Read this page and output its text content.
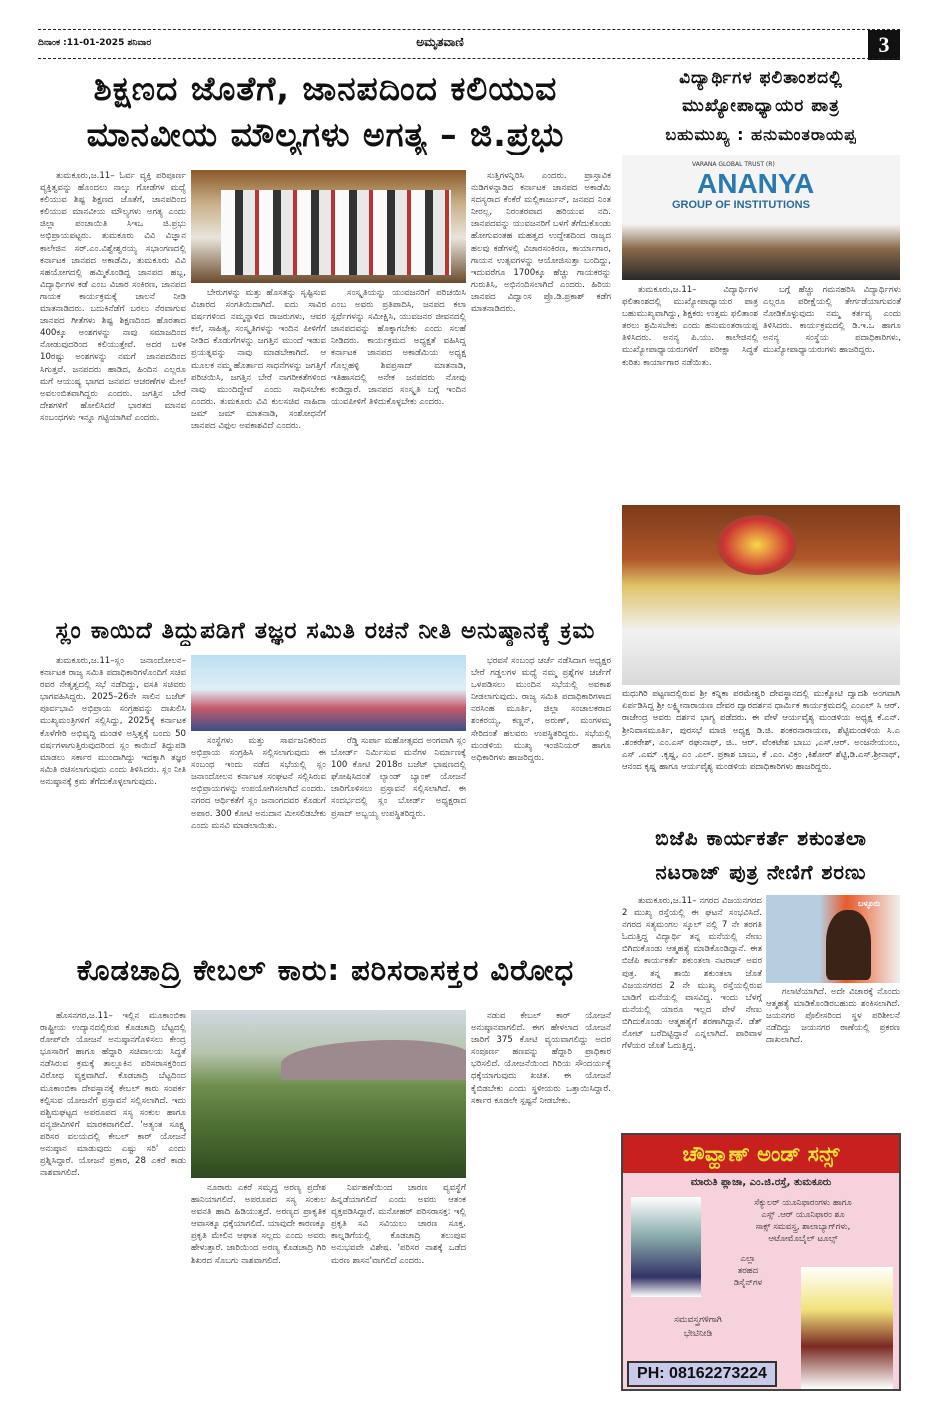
ದಿನಾಂಕ :11-01-2025 ಶನಿವಾರ	ಅಮೃತವಾಣಿ	3
ಶಿಕ್ಷಣದ ಜೊತೆಗೆ, ಜಾನಪದಿಂದ ಕಲಿಯುವ
ಮಾನವೀಯ ಮೌಲ್ಯಗಳು ಅಗತ್ಯ – ಜಿ.ಪ್ರಭು

ತುಮಕೂರು,ಜ.11– ಓರ್ವ ವ್ಯಕ್ತಿ ಪರಿಪೂರ್ಣ ವ್ಯಕ್ತಿತ್ವವನ್ನು ಹೊಂದಲು ನಾಲ್ಕು ಗೋಡೆಗಳ ಮಧ್ಯೆ ಕಲಿಯುವ ಶಿಷ್ಟ ಶಿಕ್ಷಣದ ಜೊತೆಗೆ, ಜಾನಪದಿಂದ ಕಲಿಯುವ ಮಾನವೀಯ ಮೌಲ್ಯಗಳು ಅಗತ್ಯ ಎಂದು ಜಿಲ್ಲಾ ಪಂಚಾಯಿತಿ ಸಿಇಒ ಜಿ.ಪ್ರಭು ಅಭಿಪ್ರಾಯಪಟ್ಟರು. ತುಮಕೂರು ವಿವಿ ವಿಜ್ಞಾನ ಕಾಲೇಜಿನ ಸರ್.ಎಂ.ವಿಶ್ವೇಶ್ವರಯ್ಯ ಸಭಾಂಗಣದಲ್ಲಿ ಕರ್ನಾಟಕ ಜಾನಪದ ಅಕಾಡೆಮಿ, ತುಮಕೂರು ವಿವಿ ಸಹಯೋಗದಲ್ಲಿ ಹಮ್ಮಿಕೊಂಡಿದ್ದ ಜಾನಪದ ಹಬ್ಬ, ವಿದ್ಯಾರ್ಥಿಗಳ ಕಡೆ ಎಂಬ ವಿಚಾರ ಸಂಕಿರಣ, ಜಾನಪದ ಗಾಯಕ ಕಾರ್ಯಕ್ರಮಕ್ಕೆ ಚಾಲನೆ ನೀಡಿ ಮಾತನಾಡಿದರು. ಬದುಕಿನೆಡೆಗೆ ಬರಲು ನೆರವಾಗುವ ಜಾನಪದ ಗೀತೆಗಳು ಶಿಷ್ಟ ಶಿಕ್ಷಣದಿಂದ ಹೊರತಾದ 400ಕ್ಕೂ ಅಂಶಗಳನ್ನು ನಾವು ಸಮಾಜದಿಂದ ನೋಡುವುದರಿಂದ ಕಲಿಯುತ್ತೇವೆ. ಅದರ ಬಳಿಕ 10ರಷ್ಟು ಅಂಶಗಳನ್ನು ನಮಗೆ ಜಾನಪದದಿಂದ ಸಿಗುತ್ತವೆ. ಜನಪದರು ಹಾಡಿದ, ಹಿಂದಿನ ಎಲ್ಲರೂ ಮಗೆ ಆಯುಷ್ಯ ಭಾಗದ ಜನಪದ ಆಚರಣೆಗಳ ಮೇಲೆ ಅವಲಂಬಿತವಾಗಿದ್ದರು ಎಂದರು. ಜಗತ್ತಿನ ಬೇರೆ ದೇಶಗಳಿಗೆ ಹೋಲಿಸಿದರೆ ಭಾರತದ ಮಾನವ ಸಂಬಂಧಗಳು ಇನ್ನೂ ಗಟ್ಟಿಯಾಗಿವೆ ಎಂದರು.

ಬೇರುಗಳನ್ನು ಮತ್ತು ಹೊಸತನ್ನು ಸೃಷ್ಟಿಸುವ ವಿಚಾರದ ಸಂಗತಿಯಿದಾಗಿದೆ. ಐದು ಸಾವಿರ ವರ್ಷಗಳಿಂದ ನಮ್ಮನ್ನಾಳಿದ ರಾಜರುಗಳು, ಆವರ ಕಲೆ, ಸಾಹಿತ್ಯ, ಸಂಸ್ಕೃತಿಗಳನ್ನು ಇಂದಿನ ಪೀಳಿಗೆಗೆ ನೀಡಿದ ಕೊಡುಗೆಗಳನ್ನು ಜಗತ್ತಿನ ಮುಂದೆ ಇಡುವ ಪ್ರಯತ್ನವನ್ನು ನಾವು ಮಾಡಬೇಕಾಗಿದೆ. ಆ ಮೂಲಕ ನಮ್ಮ ಹೊರ್ತಾದ ಸಾಧನೆಗಳನ್ನು ಜಗತ್ತಿಗೆ ಪರಿಚಯಿಸಿ, ಜಗತ್ತಿನ ಬೇರೆ ನಾಗರೀಕತೆಗಳಿಂದ ನಾವು ಮುಂದಿದ್ದೇವೆ ಎಂದು ಸಾಧಿಸಬೇಕು ಎಂದರು. ತುಮಕೂರು ವಿವಿ ಕುಲಸಚಿವ ನಾಹಿದಾ ಜಮ್‌ ಜಮ್‌ ಮಾತನಾಡಿ, ಸಂಶೋಧನೆಗೆ ಜಾನಪದ ವಿಫುಲ ಅವಕಾಶವಿದೆ ಎಂದರು.

ಸಂಸ್ಕೃತಿಯನ್ನು ಯುವಜನರಿಗೆ ಪರಿಚಯಿಸಿ ಎಂಬ ಅವರು ಪ್ರತಿಪಾದಿಸಿ, ಜನಪದ ಕಲಾ ಸ್ಪರ್ಧೆಗಳನ್ನು ಸಮೀಕ್ಷಿಸಿ, ಯುವಜನರ ಜೀವನದಲ್ಲಿ ಜಾನಪದವನ್ನು ಹೊಕ್ಕಾಗಬೇಕು ಎಂದು ಸಲಹೆ ನೀಡಿದರು. ಕಾರ್ಯಕ್ರಮದ ಅಧ್ಯಕ್ಷತೆ ವಹಿಸಿದ್ದ ಕರ್ನಾಟಕ ಜಾನಪದ ಅಕಾಡೆಮಿಯ ಅಧ್ಯಕ್ಷ ಗೊಲ್ಲಹಳ್ಳಿ ಶಿವಪ್ರಸಾದ್ ಮಾತನಾಡಿ, ಇತಿಹಾಸದಲ್ಲಿ ಅನೇಕ ಜನಪದರು ನೋವು ಕಂಡಿದ್ದಾರೆ. ಜಾನಪದ ಸಂಸ್ಕೃತಿ ಬಗ್ಗೆ ಇಂದಿನ ಯುವಪೀಳಿಗೆ ತಿಳಿದುಕೊಳ್ಳಬೇಕು ಎಂದರು.

ಸುತ್ತಿಗಳನ್ನಿರಿಸಿ ಎಂದರು. ಪ್ರಾಸ್ತಾವಿಕ ನುಡಿಗಳನ್ನಾಡಿದ ಕರ್ನಾಟಕ ಜಾನಪದ ಅಕಾಡೆಮಿ ಸದಸ್ಯರಾದ ಕೆಂಕೆರೆ ಮಲ್ಲಿಕಾರ್ಜುನ್, ಜನಪದ ನಿಂತ ನೀರಲ್ಲ, ನಿರಂತರವಾದ ಹರಿಯುವ ನದಿ. ಜಾನಪದವನ್ನು ಯುವಜನರಿಗೆ ಬಳಗೆ ತೆಗೆದುಕೊಂಡು ಹೋಗುವಂತಹ ಮಹತ್ವದ ಉದ್ದೇಶದಿಂದ ರಾಜ್ಯದ ಹಲವು ಕಡೆಗಳಲ್ಲಿ ವಿಚಾರಸಂಕಿರಣ, ಕಾರ್ಯಾಗಾರ, ಗಾಯನ ಉತ್ಸವಗಳನ್ನು ಆಯೋಜಿಸುತ್ತಾ ಬಂದಿದ್ದು, ಇದುವರೆಗೂ 1700ಕ್ಕೂ ಹೆಚ್ಚು ಗಾಯಕರನ್ನು ಗುರುತಿಸಿ, ಅಭಿನಂದಿಸಲಾಗಿದೆ ಎಂದರು. ಹಿರಿಯ ಜಾನಪದ ವಿದ್ವಾಂಸ ಪ್ರೊ.ಡಿ.ಪ್ರಕಾಶ್ ಕಡೆಗ ಮಾತನಾಡಿದರು.

ಸ್ಲಂ ಕಾಯಿದೆ ತಿದ್ದುಪಡಿಗೆ ತಜ್ಞರ ಸಮಿತಿ ರಚನೆ ನೀತಿ ಅನುಷ್ಠಾನಕ್ಕೆ ಕ್ರಮ

ತುಮಕೂರು,ಜ.11–ಸ್ಲಂ ಜನಾಂದೋಲನ–ಕರ್ನಾಟಕ ರಾಜ್ಯ ಸಮಿತಿ ಪದಾಧಿಕಾರಿಗಳೊಂದಿಗೆ ಸಚಿವ ರವರ ನೇತೃತ್ವದಲ್ಲಿ ಸಭೆ ನಡೆದಿದ್ದು, ವಸತಿ ಸಚಿವರು ಭಾಗವಹಿಸಿದ್ದರು. 2025–26ನೇ ಸಾಲಿನ ಬಜೆಟ್ ಪೂರ್ವಭಾವಿ ಅಭಿಪ್ರಾಯ ಸಂಗ್ರಹವನ್ನು ದಾಖಲಿಸಿ ಮುಖ್ಯಮಂತ್ರಿಗಳಿಗೆ ಸಲ್ಲಿಸಿದ್ದು, 2025ಕ್ಕೆ ಕರ್ನಾಟಕ ಕೊಳೆಗೇರಿ ಅಭಿವೃದ್ಧಿ ಮಂಡಳಿ ಅಸ್ತಿತ್ವಕ್ಕೆ ಬಂದು 50 ವರ್ಷಗಳಾಗುತ್ತಿರುವುದರಿಂದ ಸ್ಲಂ ಕಾಯಿದೆ ತಿದ್ದುಪಡಿ ಮಾಡಲು ಸರ್ಕಾರ ಮುಂದಾಗಿದ್ದು ಇದಕ್ಕಾಗಿ ತಜ್ಞರ ಸಮಿತಿ ರಚಿಸಲಾಗುವುದು ಎಂದು ತಿಳಿಸಿದರು. ಸ್ಲಂ ನೀತಿ ಅನುಷ್ಠಾನಕ್ಕೆ ಕ್ರಮ ತೆಗೆದುಕೊಳ್ಳಲಾಗುವುದು.

ಸಂಸ್ಥೆಗಳು ಮತ್ತು ಸಾರ್ವಜನಿಕರಿಂದ ಅಭಿಪ್ರಾಯ ಸಂಗ್ರಹಿಸಿ ಸಲ್ಲಿಸಲಾಗುವುದು ಈ ಸಂಬಂಧ ಇಂದು ನಡೆದ ಸಭೆಯಲ್ಲಿ ಸ್ಲಂ ಜನಾಂದೋಲನ ಕರ್ನಾಟಕ ಸಂಘಟನೆ ಸಲ್ಲಿಸಿರುವ ಅಭಿಪ್ರಾಯಗಳನ್ನು ಉಪಯೋಗಿಸಲಾಗಿದೆ ಎಂದರು. ನಗರದ ಆರ್ಥಿಕತೆಗೆ ಸ್ಲಂ ಜನಾಂಗದವರ ಕೊಡುಗೆ ಅಪಾರ. 300 ಕೋಟಿ ಅನುದಾನ ಮೀಸಲಿಡಬೇಕು ಎಂದು ಮನವಿ ಮಾಡಲಾಯಿತು.

ರೆಡ್ಡಿ ಸುರ್ಪಾ ಮಹೋತ್ಸವದ ಅಂಗವಾಗಿ ಸ್ಲಂ ಬೋರ್ಡ್ ನಿರ್ಮಿಸುವ ಮನೆಗಳ ನಿರ್ಮಾಣಕ್ಕೆ 100 ಕೋಟಿ 2018ರ ಬಜೆಟ್ ಭಾಷಣದಲ್ಲಿ ಘೋಷಿಸಿದಂತೆ ಲ್ಯಾಂಡ್ ಬ್ಯಾಂಕ್ ಯೋಜನೆ ಜಾರಿಗೊಳಿಸಲು ಪ್ರಸ್ತಾವನೆ ಸಲ್ಲಿಸಲಾಗಿದೆ. ಈ ಸಂದರ್ಭದಲ್ಲಿ ಸ್ಲಂ ಬೋರ್ಡ್ ಅಧ್ಯಕ್ಷರಾದ ಪ್ರಸಾದ್ ಅಬ್ಬಯ್ಯ ಉಪಸ್ಥಿತರಿದ್ದರು.

ಭರವಸೆ ಸಂಬಂಧ ಚರ್ಚೆ ನಡೆಸಿದಾಗ ಅಧ್ಯಕ್ಷರ ಬೇರೆ ಗಡ್ಡಲಗಳ ಮಧ್ಯೆ ನಮ್ಮ ಪ್ರಶ್ನೆಗಳ ಚರ್ಚೆಗೆ ಒಳಪಡಿಸಲು ಮುಂದಿನ ಸಭೆಯಲ್ಲಿ ಅವಕಾಶ ನೀಡಲಾಗುವುದು. ರಾಜ್ಯ ಸಮಿತಿ ಪದಾಧಿಕಾರಿಗಳಾದ ನರಸಿಂಹ ಮೂರ್ತಿ, ಜಿಲ್ಲಾ ಸಂಚಾಲಕರಾದ ಶಂಕರಯ್ಯ, ಕಣ್ಣನ್, ಅರುಣ್, ಮಂಗಳಮ್ಮ ಸೇರಿದಂತೆ ಹಲವರು ಉಪಸ್ಥಿತರಿದ್ದರು. ಸಭೆಯಲ್ಲಿ ಮಂಡಳಿಯ ಮುಖ್ಯ ಇಂಜಿನಿಯರ್ ಹಾಗೂ ಅಧಿಕಾರಿಗಳು ಹಾಜರಿದ್ದರು.

ಕೊಡಚಾದ್ರಿ ಕೇಬಲ್ ಕಾರು: ಪರಿಸರಾಸಕ್ತರ ವಿರೋಧ

ಹೊಸನಗರ,ಜ.11– ಇಲ್ಲಿನ ಮೂಕಾಂಬಿಕಾ ರಾಷ್ಟ್ರೀಯ ಉದ್ಯಾನದಲ್ಲಿರುವ ಕೊಡಚಾದ್ರಿ ಬೆಟ್ಟದಲ್ಲಿ ರೋಪ್‌ವೇ ಯೋಜನೆ ಅನುಷ್ಠಾನಗೊಳಿಸಲು ಕೇಂದ್ರ ಭೂಸಾರಿಗೆ ಹಾಗೂ ಹೆದ್ದಾರಿ ಸಚಿವಾಲಯ ಸಿದ್ಧತೆ ನಡೆಸಿರುವ ಕ್ರಮಕ್ಕೆ ತಾಲ್ಲೂಕಿನ ಪರಿಸರಾಸಕ್ತರಿಂದ ವಿರೋಧ ವ್ಯಕ್ತವಾಗಿದೆ. ಕೊಡಚಾದ್ರಿ ಬೆಟ್ಟದಿಂದ ಮೂಕಾಂಬಿಕಾ ದೇವಸ್ಥಾನಕ್ಕೆ ಕೇಬಲ್ ಕಾರು ಸಂಪರ್ಕ ಕಲ್ಪಿಸುವ ಯೋಜನೆಗೆ ಪ್ರಸ್ತಾವನೆ ಸಲ್ಲಿಸಲಾಗಿದೆ. ಇದು ಪಶ್ಚಿಮಘಟ್ಟದ ಅಪರೂಪದ ಸಸ್ಯ ಸಂಕುಲ ಹಾಗೂ ವನ್ಯಜೀವಿಗಳಿಗೆ ಮಾರಕವಾಗಲಿದೆ. 'ಅತ್ಯಂತ ಸೂಕ್ಷ್ಮ ಪರಿಸರ ವಲಯದಲ್ಲಿ ಕೇಬಲ್ ಕಾರ್ ಯೋಜನೆ ಅನುಷ್ಠಾನ ಮಾಡುವುದು ಎಷ್ಟು ಸರಿ' ಎಂದು ಪ್ರಶ್ನಿಸಿದ್ದಾರೆ. ಯೋಜನೆ ಪ್ರಕಾರ, 28 ಎಕರೆ ಕಾಡು ನಾಶವಾಗಲಿದೆ.

ನೂರಾರು ಎಕರೆ ಸಮೃದ್ಧ ಅರಣ್ಯ ಪ್ರದೇಶ ಹಾನಿಯಾಗಲಿದೆ. ಅಪರೂಪದ ಸಸ್ಯ ಸಂಕುಲ ಅವನತಿ ಹಾದಿ ಹಿಡಿಯುತ್ತದೆ. ಅರಣ್ಯದ ಪ್ರಾಕೃತಿಕ ಆವಾಸಕ್ಕೂ ಧಕ್ಕೆಯಾಗಲಿದೆ. ಯಾವುದೇ ಕಾರಣಕ್ಕೂ ಪ್ರಕೃತಿ ಮೇಲಿನ ಆಘಾತ ಸಲ್ಲದು ಎಂದು ಅವರು ಹೇಳುತ್ತಾರೆ. ಜಾರಿಯಿಂದ ಅರಣ್ಯ ಕೊಡಚಾದ್ರಿ ಗಿರಿ ಶಿಖರದ ಸೊಬಗು ನಾಶವಾಗಲಿದೆ.

ನಿರ್ವಹಣೆಯಿಂದ ಚಾರಣ ವ್ಯವಸ್ಥೆಗೆ ಹಿನ್ನಡೆಯಾಗಲಿದೆ ಎಂದು ಅವರು ಆತಂಕ ವ್ಯಕ್ತಪಡಿಸಿದ್ದಾರೆ. ಮನೋಹರ್ ಪರಿಸರಾಸಕ್ತ: ಇಲ್ಲಿ ಪ್ರಕೃತಿ ಸವಿ ಸವಿಯಲು ಚಾರಣ ಸೂಕ್ತ. ಕಾಲ್ನಡಿಗೆಯಲ್ಲಿ ಕೊಡಚಾದ್ರಿ ತಲುಪುವ ಅನುಭವವೇ ವಿಶೇಷ. 'ಪರಿಸರ ನಾಶಕ್ಕೆ ಒಡೆದ ಮರಣ ಶಾಸನ'ವಾಗಲಿದೆ ಎಂದರು.

ನಡುವ ಕೇಬಲ್ ಕಾರ್ ಯೋಜನೆ ಅನುಷ್ಠಾನವಾಗಲಿದೆ. ಈಗ ಹೇಳಲಾದ ಯೋಜನೆ ಜಾರಿಗೆ 375 ಕೋಟಿ ವ್ಯಯವಾಗಲಿದ್ದು ಅದರ ಸಂಪೂರ್ಣ ಹಣವನ್ನು ಹೆದ್ದಾರಿ ಪ್ರಾಧಿಕಾರ ಭರಿಸಲಿದೆ. ಯೋಜನೆಯಿಂದ ಗಿರಿಯ ಸೌಂದರ್ಯಕ್ಕೆ ಧಕ್ಕೆಯಾಗುವುದು ಖಚಿತ. ಈ ಯೋಜನೆ ಕೈಬಿಡಬೇಕು ಎಂದು ಸ್ಥಳೀಯರು ಒತ್ತಾಯಿಸಿದ್ದಾರೆ. ಸರ್ಕಾರ ಕೂಡಲೇ ಸ್ಪಷ್ಟನೆ ನೀಡಬೇಕು.

ವಿದ್ಯಾರ್ಥಿಗಳ ಫಲಿತಾಂಶದಲ್ಲಿ
ಮುಖ್ಯೋಪಾಧ್ಯಾಯರ ಪಾತ್ರ
ಬಹುಮುಖ್ಯ : ಹನುಮಂತರಾಯಪ್ಪ
VARANA GLOBAL TRUST (R)
ANANYA
GROUP OF INSTITUTIONS

ತುಮಕೂರು,ಜ.11– ವಿದ್ಯಾರ್ಥಿಗಳ ಫಲಿತಾಂಶದಲ್ಲಿ ಮುಖ್ಯೋಪಾಧ್ಯಾಯರ ಪಾತ್ರ ಬಹುಮುಖ್ಯವಾಗಿದ್ದು, ಶಿಕ್ಷಕರು ಉತ್ತಮ ಫಲಿತಾಂಶ ತರಲು ಶ್ರಮಿಸಬೇಕು ಎಂದು ಹನುಮಂತರಾಯಪ್ಪ ತಿಳಿಸಿದರು. ಅನನ್ಯ ಪಿ.ಯು. ಕಾಲೇಜಿನಲ್ಲಿ ಮುಖ್ಯೋಪಾಧ್ಯಾಯರುಗಳಿಗೆ ಪರೀಕ್ಷಾ ಸಿದ್ಧತೆ ಕುರಿತು ಕಾರ್ಯಾಗಾರ ನಡೆಯಿತು.

ಬಗ್ಗೆ ಹೆಚ್ಚು ಗಮನಹರಿಸಿ ವಿದ್ಯಾರ್ಥಿಗಳು ಎಲ್ಲರೂ ಪರೀಕ್ಷೆಯಲ್ಲಿ ತೇರ್ಗಡೆಯಾಗುವಂತೆ ನೋಡಿಕೊಳ್ಳುವುದು ನಮ್ಮ ಕರ್ತವ್ಯ ಎಂದು ತಿಳಿಸಿದರು. ಕಾರ್ಯಕ್ರಮದಲ್ಲಿ ಡಿ.ಇ.ಒ ಹಾಗೂ ಅನನ್ಯ ಸಂಸ್ಥೆಯ ಪದಾಧಿಕಾರಿಗಳು, ಮುಖ್ಯೋಪಾಧ್ಯಾಯರುಗಳು ಹಾಜರಿದ್ದರು.

ಮಧುಗಿರಿ ಪಟ್ಟಣದಲ್ಲಿರುವ ಶ್ರೀ ಕನ್ನಿಕಾ ಪರಮೇಶ್ವರಿ ದೇವಸ್ಥಾನದಲ್ಲಿ ಮುಕ್ಕೋಟಿ ದ್ವಾದಶಿ ಅಂಗವಾಗಿ ಏರ್ಪಡಿಸಿದ್ದ ಶ್ರೀ ಲಕ್ಷ್ಮೀನಾರಾಯಣ ದೇವರ ದ್ವಾರದರ್ಶನ ಧಾರ್ಮಿಕ ಕಾರ್ಯಕ್ರಮದಲ್ಲಿ ಎಂಎಲ್ ಸಿ ಆರ್. ರಾಜೇಂದ್ರ ಅವರು ದರ್ಶನ ಭಾಗ್ಯ ಪಡೆದರು. ಈ ವೇಳೆ ಆರ್ಯವೈಶ್ಯ ಮಂಡಳಿಯ ಅಧ್ಯಕ್ಷ ಕೆ.ಎನ್. ಶ್ರೀನಿವಾಸಮೂರ್ತಿ, ಪುರಸಭೆ ಮಾಜಿ ಅಧ್ಯಕ್ಷ ಡಿ.ಜಿ. ಶಂಕರನಾರಾಯಣ, ಶೆಟ್ಟಿಮಂಡಳಿಯ ಸಿ.ಎ .ಶಂಕರೇಶ್, ಎಂ.ಎಸ್ ರಘುನಾಥ್, ಜಿ.. ಆರ್. ವೆಂಕಟೇಶ ಬಾಬು ,ಎಸ್.ಆರ್. ಅಂಜನೇಯುಲು, ಎಸ್ .ಎಮ್ .ಕೃಷ್ಣ, ಎಂ .ಎಲ್. ಪ್ರಕಾಶ ಬಾಬು, ಕೆ .ಎಂ. ವಿಕ್ರಂ ,ಕಿಶೋರ್ ಶೆಟ್ಟಿ,ಡಿ.ಎಸ್.ಶ್ರೀನಾಥ್, ಆನಂದ ಕೃಷ್ಣ ಹಾಗೂ ಆರ್ಯವೈಶ್ಯ ಮಂಡಳಿಯ ಪದಾಧಿಕಾರಿಗಳು ಹಾಜರಿದ್ದರು.
ಬಿಜೆಪಿ ಕಾರ್ಯಕರ್ತೆ ಶಕುಂತಲಾ
ನಟರಾಜ್ ಪುತ್ರ ನೇಣಿಗೆ ಶರಣು

ತುಮಕೂರು,ಜ.11– ನಗರದ ವಿಜಯನಗರದ 2 ಮುಖ್ಯ ರಸ್ತೆಯಲ್ಲಿ ಈ ಘಟನೆ ಸಂಭವಿಸಿದೆ. ನಗರದ ಸತ್ಯಮಂಗಲ ಸ್ಕೂಲ್ ನಲ್ಲಿ 7 ನೇ ತರಗತಿ ಓದುತ್ತಿದ್ದ ವಿದ್ಯಾರ್ಥಿ ತನ್ನ ಮನೆಯಲ್ಲಿ ನೇಣು ಬಿಗಿದುಕೊಂಡು ಆತ್ಮಹತ್ಯೆ ಮಾಡಿಕೊಂಡಿದ್ದಾನೆ. ಈತ ಬಿಜೆಪಿ ಕಾರ್ಯಕರ್ತೆ ಶಕುಂತಲಾ ನಟರಾಜ್ ಅವರ ಪುತ್ರ. ತನ್ನ ತಾಯಿ ಶಕುಂತಲಾ ಜೊತೆ ವಿಜಯನಗರದ 2 ನೇ ಮುಖ್ಯ ರಸ್ತೆಯಲ್ಲಿರುವ ಬಾಡಿಗೆ ಮನೆಯಲ್ಲಿ ವಾಸವಿದ್ದ. ಇಂದು ಬೆಳಗ್ಗೆ ಮನೆಯಲ್ಲಿ ಯಾರೂ ಇಲ್ಲದ ವೇಳೆ ನೇಣು ಬಿಗಿದುಕೊಂಡು ಆತ್ಮಹತ್ಯೆಗೆ ಶರಣಾಗಿದ್ದಾನೆ. ಡೆತ್ ನೋಟ್ ಬರೆದಿಟ್ಟಿದ್ದಾನೆ ಎನ್ನಲಾಗಿದೆ. ಪಾರಿವಾಳ ಗೆಳೆಯರ ಜೊತೆ ಓದುತ್ತಿದ್ದ.

ಬಳ್ಳೂರು

ಗಲಾಟೆಯಾಗಿದೆ. ಅದೇ ವಿಚಾರಕ್ಕೆ ನೊಂದು ಆತ್ಮಹತ್ಯೆ ಮಾಡಿಕೊಂಡಿರಬಹುದು ಶಂಕಿಸಲಾಗಿದೆ. ಜಯನಗರ ಪೊಲೀಸರಿಂದ ಸ್ಥಳ ಪರಿಶೀಲನೆ ನಡೆದಿದ್ದು ಜಯನಗರ ಠಾಣೆಯಲ್ಲಿ ಪ್ರಕರಣ ದಾಖಲಾಗಿದೆ.

ಚೌವ್ಹಾಣ್ ಅಂಡ್ ಸನ್ಸ್
ಮಾರುತಿ ಪ್ಲಾಜಾ, ಎಂ.ಜಿ.ರಸ್ತೆ, ತುಮಕೂರು
ಸೆಕ್ಯುಲರ್ ಯೂನಿಫಾರಂಗಳು ಹಾಗೂ
ಎಸ್ಸ್ .ಆರ್ ಯೂನಿಫಾರಂ ಶೂ
ಸಾಕ್ಸ್ ಸಮವಸ್ತ್ರ, ಶಾಲಾಬ್ಯಾಗ್‌ಗಳು,
ಆಟೋಮೊಬೈಲ್ ಟೂಲ್ಸ್
ಎಲ್ಲಾ
ತರಹದ
ಡಿಸೈನ್‌ಗಳ
ಸಮವಸ್ತ್ರಗಳಿಗಾಗಿ
ಭೇಟಿನೀಡಿ
PH: 08162273224
